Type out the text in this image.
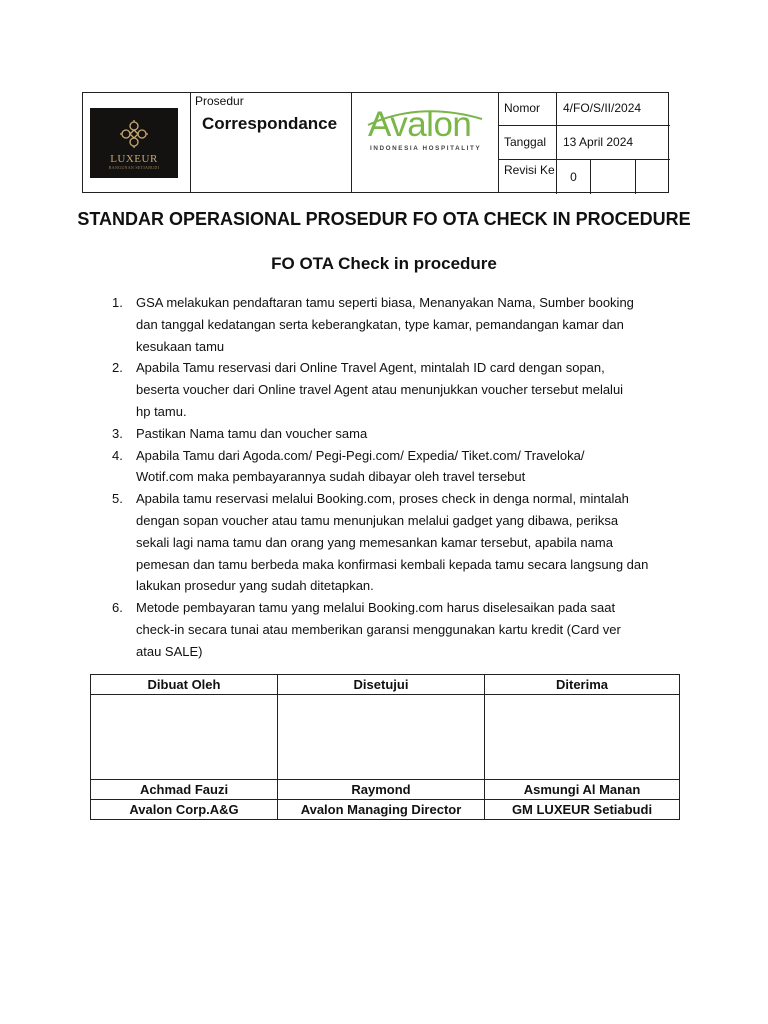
LUXEUR
BANGUNAN SETIABUDI
Prosedur
Correspondance Avalon
INDONESIA HOSPITALITY
Nomor	4/FO/S/II/2024
Tanggal	13 April 2024
Revisi Ke	0
STANDAR OPERASIONAL PROSEDUR FO OTA CHECK IN PROCEDURE
FO OTA Check in procedure
1. GSA melakukan pendaftaran tamu seperti biasa, Menanyakan Nama, Sumber booking
dan tanggal kedatangan serta keberangkatan, type kamar, pemandangan kamar dan
kesukaan tamu
2. Apabila Tamu reservasi dari Online Travel Agent, mintalah ID card dengan sopan,
beserta voucher dari Online travel Agent atau menunjukkan voucher tersebut melalui
hp tamu.
3. Pastikan Nama tamu dan voucher sama
4. Apabila Tamu dari Agoda.com/ Pegi-Pegi.com/ Expedia/ Tiket.com/ Traveloka/
Wotif.com maka pembayarannya sudah dibayar oleh travel tersebut
5. Apabila tamu reservasi melalui Booking.com, proses check in denga normal, mintalah
dengan sopan voucher atau tamu menunjukan melalui gadget yang dibawa, periksa
sekali lagi nama tamu dan orang yang memesankan kamar tersebut, apabila nama
pemesan dan tamu berbeda maka konfirmasi kembali kepada tamu secara langsung dan
lakukan prosedur yang sudah ditetapkan.
6. Metode pembayaran tamu yang melalui Booking.com harus diselesaikan pada saat
check-in secara tunai atau memberikan garansi menggunakan kartu kredit (Card ver
atau SALE)
Dibuat Oleh	Disetujui	Diterima

Achmad Fauzi	Raymond	Asmungi Al Manan
Avalon Corp.A&G	Avalon Managing Director	GM LUXEUR Setiabudi
